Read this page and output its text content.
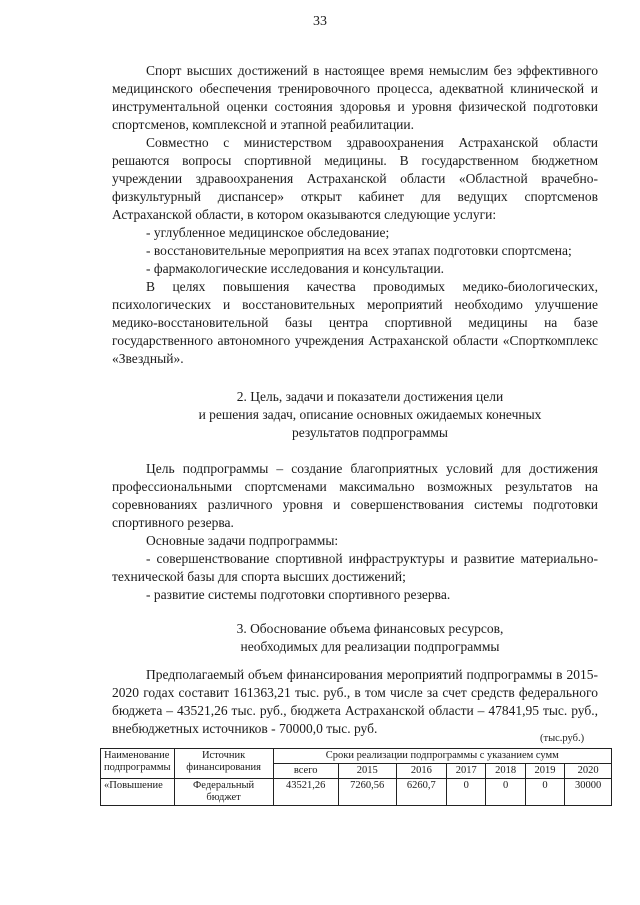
33

Спорт высших достижений в настоящее время немыслим без эффективного медицинского обеспечения тренировочного процесса, адекватной клинической и инструментальной оценки состояния здоровья и уровня физической подготовки спортсменов, комплексной и этапной реабилитации.

Совместно с министерством здравоохранения Астраханской области решаются вопросы спортивной медицины. В государственном бюджетном учреждении здравоохранения Астраханской области «Областной врачебно-физкультурный диспансер» открыт кабинет для ведущих спортсменов Астраханской области, в котором оказываются следующие услуги:

- углубленное медицинское обследование;

- восстановительные мероприятия на всех этапах подготовки спортсмена;

- фармакологические исследования и консультации.

В целях повышения качества проводимых медико-биологических, психологических и восстановительных мероприятий необходимо улучшение медико-восстановительной базы центра спортивной медицины на базе государственного автономного учреждения Астраханской области «Спорткомплекс «Звездный».

2. Цель, задачи и показатели достижения цели
и решения задач, описание основных ожидаемых конечных
результатов подпрограммы

Цель подпрограммы – создание благоприятных условий для достижения профессиональными спортсменами максимально возможных результатов на соревнованиях различного уровня и совершенствования системы подготовки спортивного резерва.

Основные задачи подпрограммы:

- совершенствование спортивной инфраструктуры и развитие материально-технической базы для спорта высших достижений;

- развитие системы подготовки спортивного резерва.

3. Обоснование объема финансовых ресурсов,
необходимых для реализации подпрограммы

Предполагаемый объем финансирования мероприятий подпрограммы в 2015-2020 годах составит 161363,21 тыс. руб., в том числе за счет средств федерального бюджета – 43521,26 тыс. руб., бюджета Астраханской области – 47841,95 тыс. руб., внебюджетных источников - 70000,0 тыс. руб.

(тыс.руб.)
Наименование подпрограммы	Источник финансирования	Сроки реализации подпрограммы с указанием сумм						
		всего	2015	2016	2017	2018	2019	2020
«Повышение	Федеральный бюджет	43521,26	7260,56	6260,7	0	0	0	30000
